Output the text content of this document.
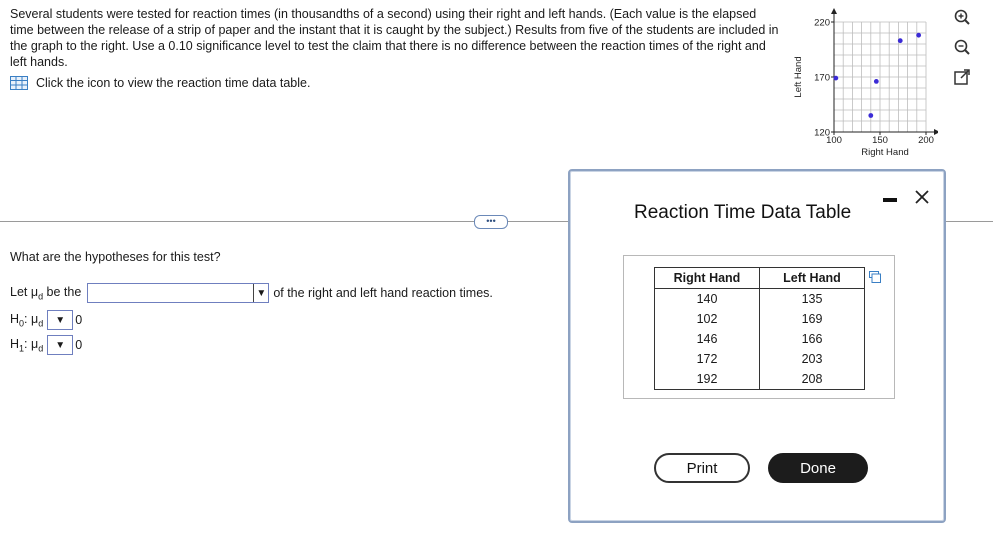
Several students were tested for reaction times (in thousandths of a second) using their right and left hands. (Each value is the elapsed time between the release of a strip of paper and the instant that it is caught by the subject.) Results from five of the students are included in the graph to the right. Use a 0.10 significance level to test the claim that there is no difference between the reaction times of the right and left hands.

Click the icon to view the reaction time data table.
100	150	200
120
170
220
Right Hand
Left Hand
•••
What are the hypotheses for this test?
Let $\mu_d$ be the	▼ of the right and left hand reaction times.
$H_0$: $\mu_d$	▼ 0
$H_1$: $\mu_d$	▼ 0
Reaction Time Data Table
Right Hand	Left Hand
140	135
102	169
146	166
172	203
192	208
Print	Done
